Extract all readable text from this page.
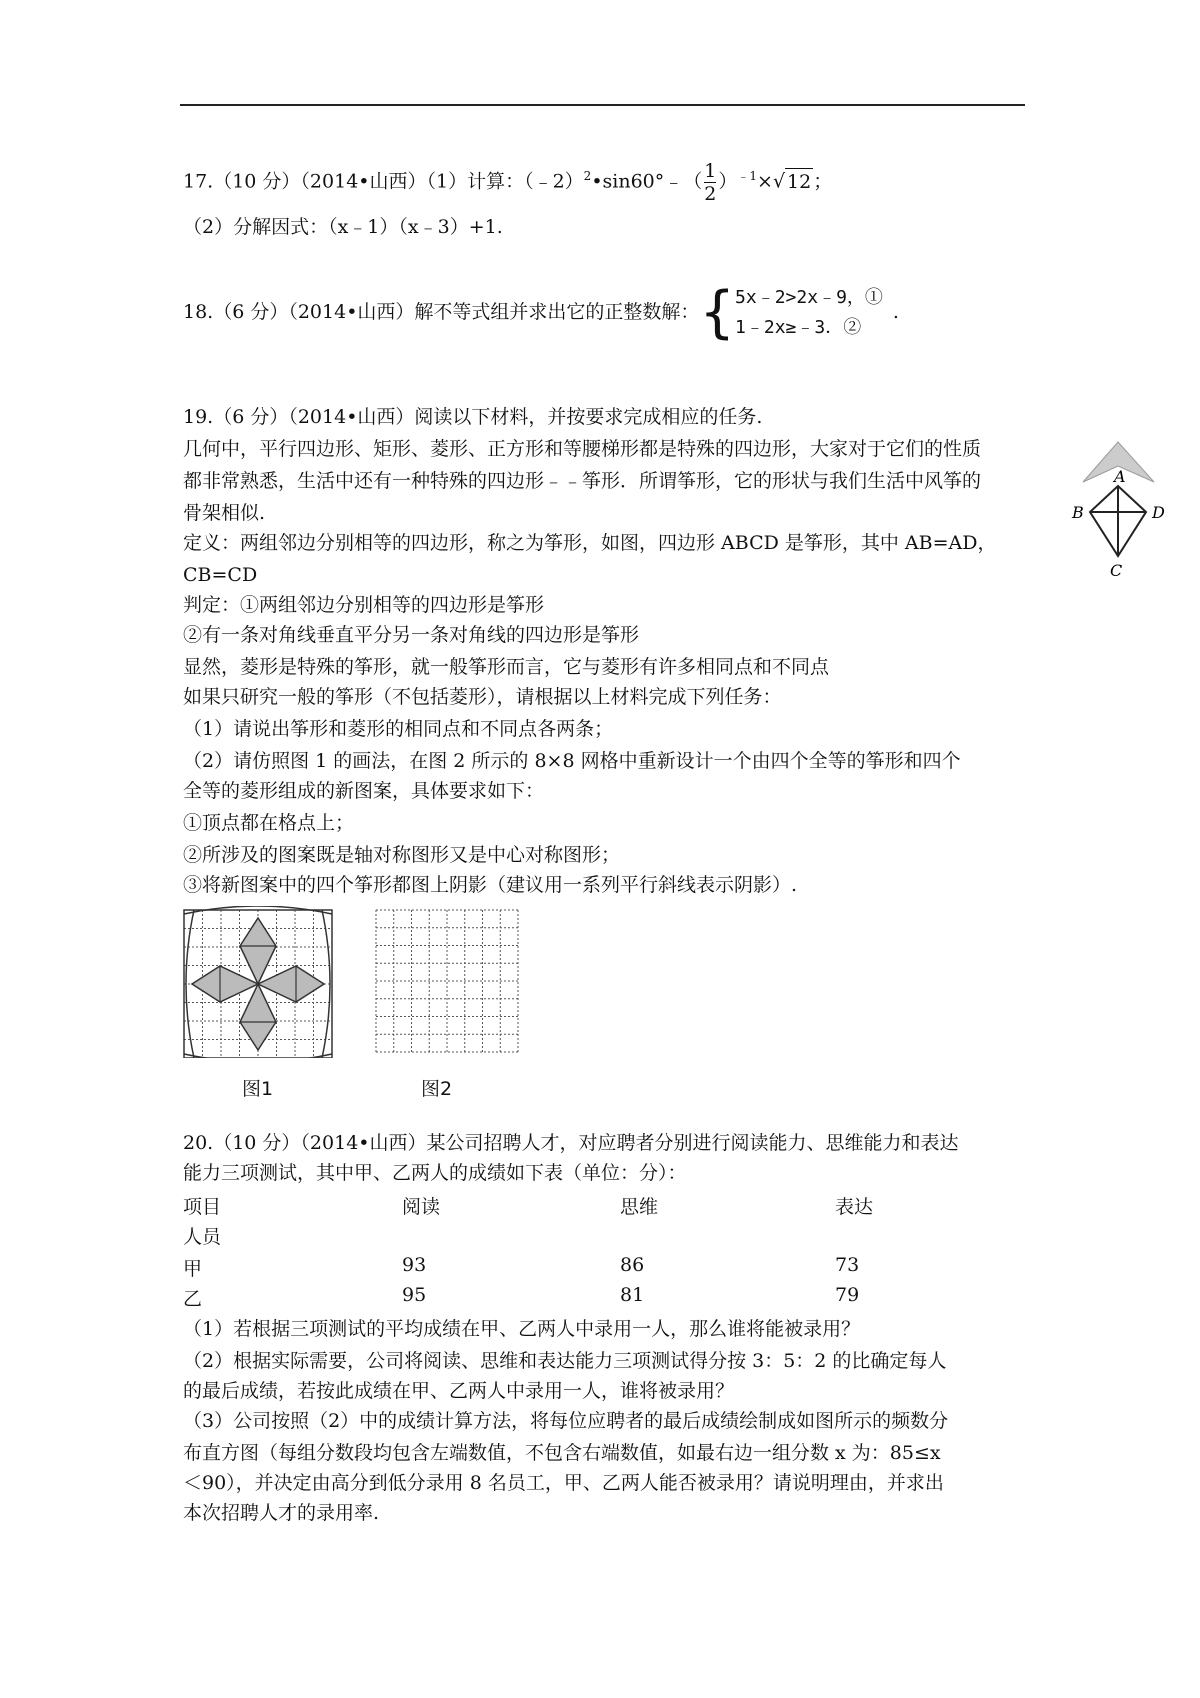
17.（10 分）（2014•山西）（1）计算：（﹣2）$^2$•sin60°﹣（ $\frac{1}{2} )^{﹣1}\times√$ 12 ；
（2）分解因式：（x﹣1）（x﹣3）+1.
18.（6 分）（2014•山西）解不等式组并求出它的正整数解：{ 5x﹣2>2x﹣9，①
1﹣2x≥﹣3．②
.
19.（6 分）（2014•山西）阅读以下材料，并按要求完成相应的任务.
几何中，平行四边形、矩形、菱形、正方形和等腰梯形都是特殊的四边形，大家对于它们的性质
都非常熟悉，生活中还有一种特殊的四边形﹣﹣筝形．所谓筝形，它的形状与我们生活中风筝的
骨架相似.
定义：两组邻边分别相等的四边形，称之为筝形，如图，四边形 ABCD 是筝形，其中 AB=AD，
CB=CD
判定：①两组邻边分别相等的四边形是筝形
②有一条对角线垂直平分另一条对角线的四边形是筝形
显然，菱形是特殊的筝形，就一般筝形而言，它与菱形有许多相同点和不同点
如果只研究一般的筝形（不包括菱形），请根据以上材料完成下列任务：
（1）请说出筝形和菱形的相同点和不同点各两条；
（2）请仿照图 1 的画法，在图 2 所示的 8×8 网格中重新设计一个由四个全等的筝形和四个
全等的菱形组成的新图案，具体要求如下：
①顶点都在格点上；
②所涉及的图案既是轴对称图形又是中心对称图形；
③将新图案中的四个筝形都图上阴影（建议用一系列平行斜线表示阴影）.
A
B	D
C
图1	图2
20.（10 分）（2014•山西）某公司招聘人才，对应聘者分别进行阅读能力、思维能力和表达
能力三项测试，其中甲、乙两人的成绩如下表（单位：分）：
项目	阅读	思维	表达
人员
甲	93	86	73
乙	95	81	79
（1）若根据三项测试的平均成绩在甲、乙两人中录用一人，那么谁将能被录用？
（2）根据实际需要，公司将阅读、思维和表达能力三项测试得分按 3：5：2 的比确定每人
的最后成绩，若按此成绩在甲、乙两人中录用一人，谁将被录用？
（3）公司按照（2）中的成绩计算方法，将每位应聘者的最后成绩绘制成如图所示的频数分
布直方图（每组分数段均包含左端数值，不包含右端数值，如最右边一组分数 x 为：85≤x
＜90），并决定由高分到低分录用 8 名员工，甲、乙两人能否被录用？请说明理由，并求出
本次招聘人才的录用率.
